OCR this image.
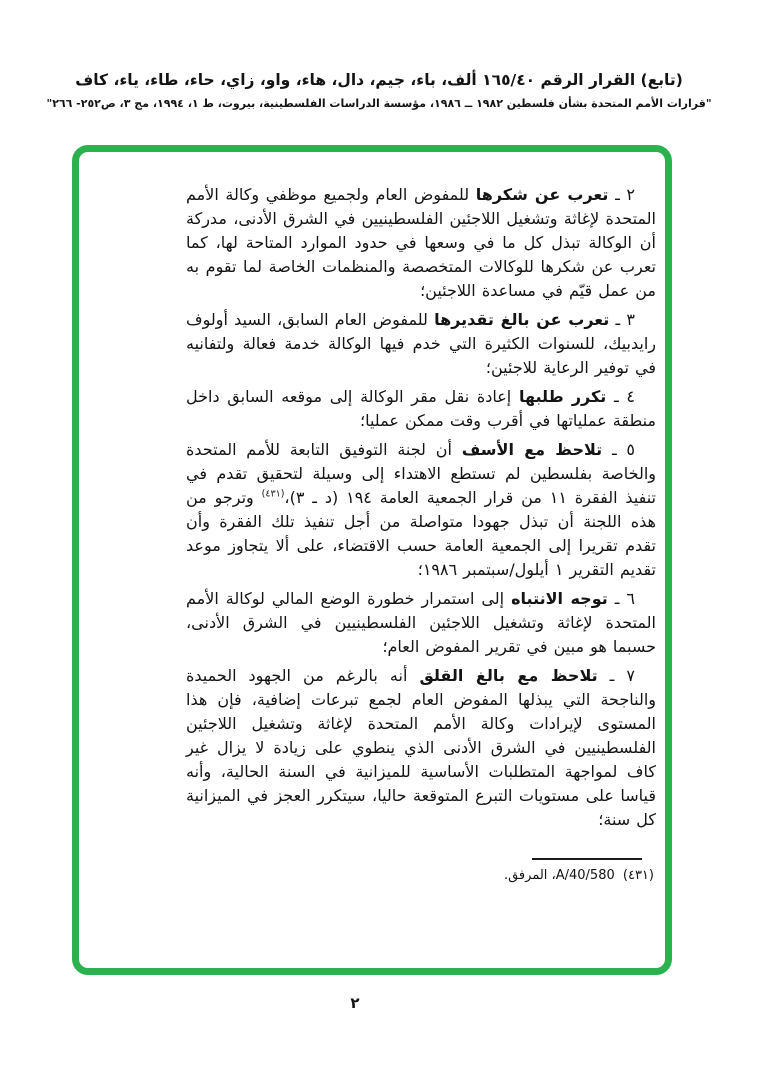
(تابع) القرار الرقم ١٦٥/٤٠ ألف، باء، جيم، دال، هاء، واو، زاي، حاء، طاء، ياء، كاف
"قرارات الأمم المتحدة بشأن فلسطين ١٩٨٢ ــ ١٩٨٦، مؤسسة الدراسات الفلسطينية، بيروت، ط ١، ١٩٩٤، مج ٣، ص٢٥٢- ٢٦٦"

٢ ـ تعرب عن شكرها للمفوض العام ولجميع موظفي وكالة الأمم المتحدة لإغاثة وتشغيل اللاجئين الفلسطينيين في الشرق الأدنى، مدركة أن الوكالة تبذل كل ما في وسعها في حدود الموارد المتاحة لها، كما تعرب عن شكرها للوكالات المتخصصة والمنظمات الخاصة لما تقوم به من عمل قيّم في مساعدة اللاجئين؛

٣ ـ تعرب عن بالغ تقديرها للمفوض العام السابق، السيد أولوف رايدبيك، للسنوات الكثيرة التي خدم فيها الوكالة خدمة فعالة ولتفانيه في توفير الرعاية للاجئين؛

٤ ـ تكرر طلبها إعادة نقل مقر الوكالة إلى موقعه السابق داخل منطقة عملياتها في أقرب وقت ممكن عمليا؛

٥ ـ تلاحظ مع الأسف أن لجنة التوفيق التابعة للأمم المتحدة والخاصة بفلسطين لم تستطع الاهتداء إلى وسيلة لتحقيق تقدم في تنفيذ الفقرة ١١ من قرار الجمعية العامة ١٩٤ (د ـ ٣)،$^{(٤٣١)}$ وترجو من هذه اللجنة أن تبذل جهودا متواصلة من أجل تنفيذ تلك الفقرة وأن تقدم تقريرا إلى الجمعية العامة حسب الاقتضاء، على ألا يتجاوز موعد تقديم التقرير ١ أيلول/سبتمبر ١٩٨٦؛

٦ ـ توجه الانتباه إلى استمرار خطورة الوضع المالي لوكالة الأمم المتحدة لإغاثة وتشغيل اللاجئين الفلسطينيين في الشرق الأدنى، حسبما هو مبين في تقرير المفوض العام؛

٧ ـ تلاحظ مع بالغ القلق أنه بالرغم من الجهود الحميدة والناجحة التي يبذلها المفوض العام لجمع تبرعات إضافية، فإن هذا المستوى لإيرادات وكالة الأمم المتحدة لإغاثة وتشغيل اللاجئين الفلسطينيين في الشرق الأدنى الذي ينطوي على زيادة لا يزال غير كاف لمواجهة المتطلبات الأساسية للميزانية في السنة الحالية، وأنه قياسا على مستويات التبرع المتوقعة حاليا، سيتكرر العجز في الميزانية كل سنة؛

(٤٣١) A/40/580، المرفق.
٢
